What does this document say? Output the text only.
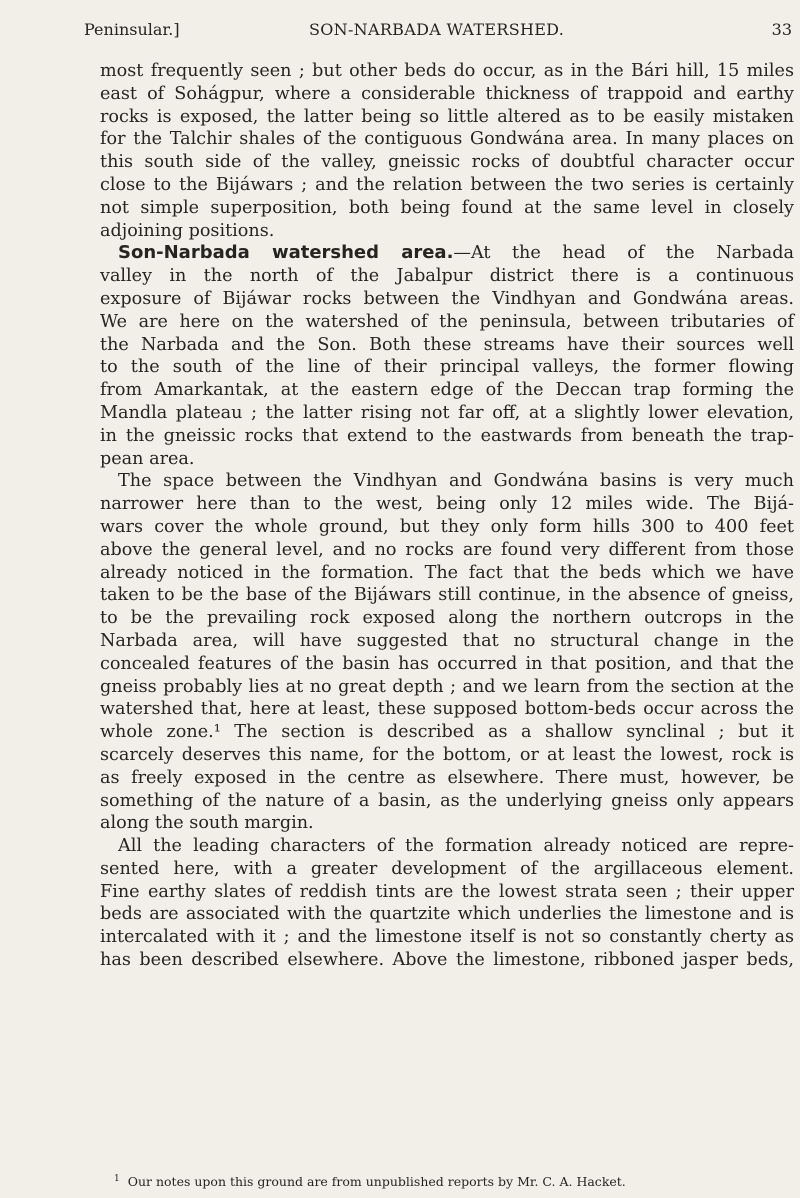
Peninsular.]	SON-NARBADA WATERSHED.	33
most frequently seen ; but other beds do occur, as in the Bári hill, 15 miles
east of Sohágpur, where a considerable thickness of trappoid and earthy
rocks is exposed, the latter being so little altered as to be easily mistaken
for the Talchir shales of the contiguous Gondwána area. In many places on
this south side of the valley, gneissic rocks of doubtful character occur
close to the Bijáwars ; and the relation between the two series is certainly
not simple superposition, both being found at the same level in closely
adjoining positions.
Son-Narbada watershed area.—At the head of the Narbada
valley in the north of the Jabalpur district there is a continuous
exposure of Bijáwar rocks between the Vindhyan and Gondwána areas.
We are here on the watershed of the peninsula, between tributaries of
the Narbada and the Son. Both these streams have their sources well
to the south of the line of their principal valleys, the former flowing
from Amarkantak, at the eastern edge of the Deccan trap forming the
Mandla plateau ; the latter rising not far off, at a slightly lower elevation,
in the gneissic rocks that extend to the eastwards from beneath the trap-
pean area.
The space between the Vindhyan and Gondwána basins is very much
narrower here than to the west, being only 12 miles wide. The Bijá-
wars cover the whole ground, but they only form hills 300 to 400 feet
above the general level, and no rocks are found very different from those
already noticed in the formation. The fact that the beds which we have
taken to be the base of the Bijáwars still continue, in the absence of gneiss,
to be the prevailing rock exposed along the northern outcrops in the
Narbada area, will have suggested that no structural change in the
concealed features of the basin has occurred in that position, and that the
gneiss probably lies at no great depth ; and we learn from the section at the
watershed that, here at least, these supposed bottom-beds occur across the
whole zone.¹ The section is described as a shallow synclinal ; but it
scarcely deserves this name, for the bottom, or at least the lowest, rock is
as freely exposed in the centre as elsewhere. There must, however, be
something of the nature of a basin, as the underlying gneiss only appears
along the south margin.
All the leading characters of the formation already noticed are repre-
sented here, with a greater development of the argillaceous element.
Fine earthy slates of reddish tints are the lowest strata seen ; their upper
beds are associated with the quartzite which underlies the limestone and is
intercalated with it ; and the limestone itself is not so constantly cherty as
has been described elsewhere. Above the limestone, ribboned jasper beds,
$^1$ Our notes upon this ground are from unpublished reports by Mr. C. A. Hacket.
